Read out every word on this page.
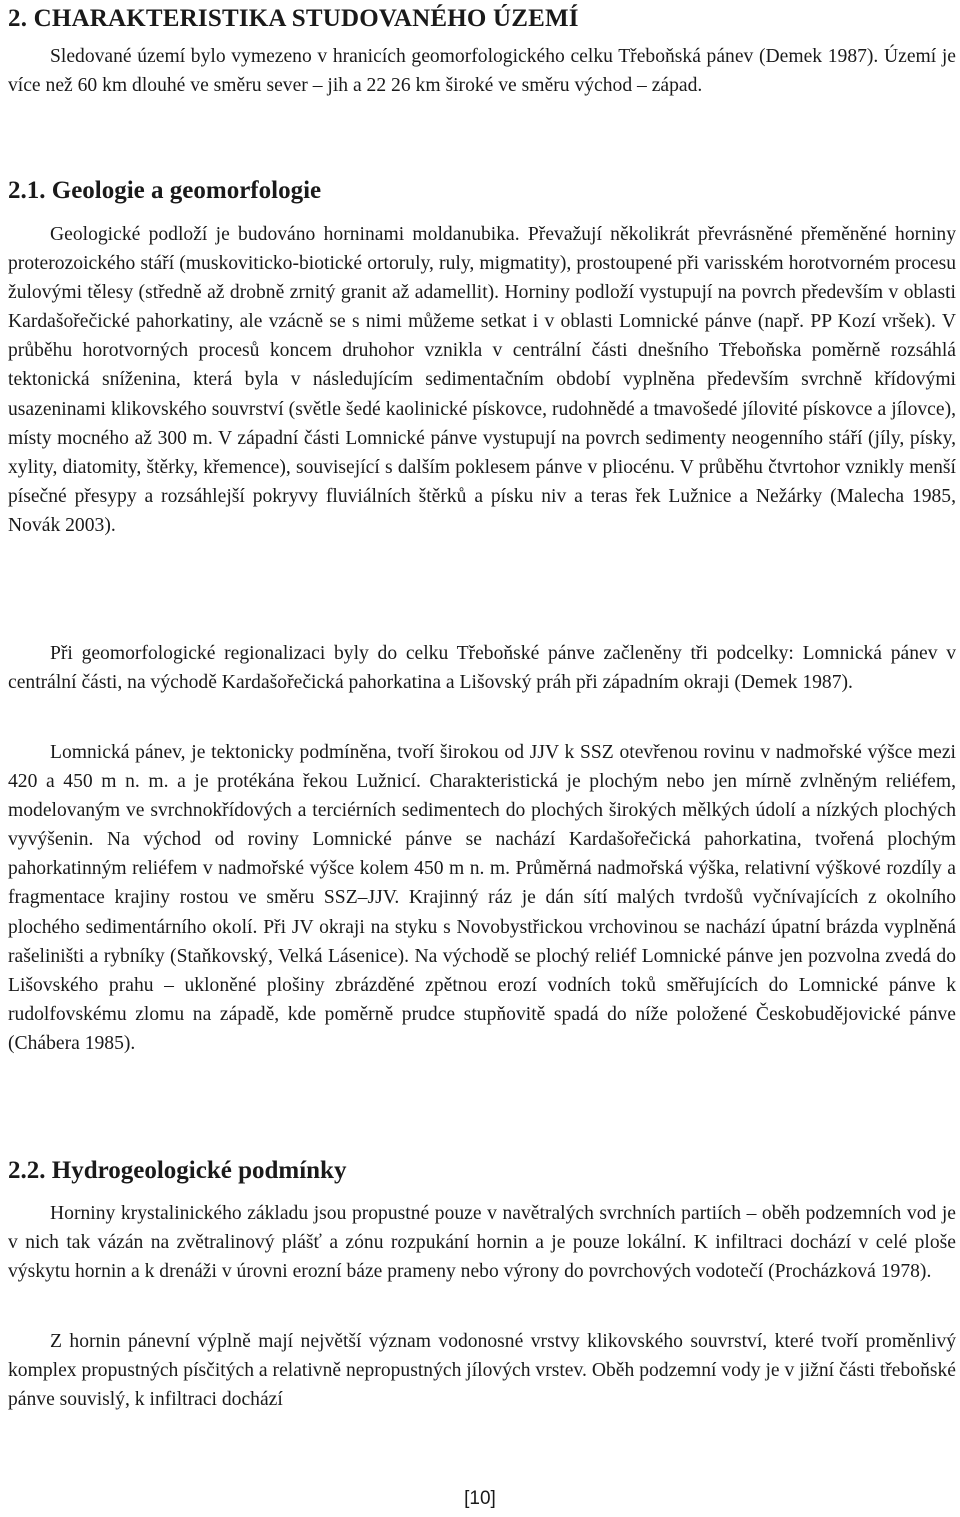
2. CHARAKTERISTIKA STUDOVANÉHO ÚZEMÍ

Sledované území bylo vymezeno v hranicích geomorfologického celku Třeboňská pánev (Demek 1987). Území je více než 60 km dlouhé ve směru sever – jih a 22 26 km široké ve směru východ – západ.

2.1. Geologie a geomorfologie

Geologické podloží je budováno horninami moldanubika. Převažují několikrát převrásněné přeměněné horniny proterozoického stáří (muskoviticko-biotické ortoruly, ruly, migmatity), prostoupené při varisském horotvorném procesu žulovými tělesy (středně až drobně zrnitý granit až adamellit). Horniny podloží vystupují na povrch především v oblasti Kardašořečické pahorkatiny, ale vzácně se s nimi můžeme setkat i v oblasti Lomnické pánve (např. PP Kozí vršek). V průběhu horotvorných procesů koncem druhohor vznikla v centrální části dnešního Třeboňska poměrně rozsáhlá tektonická sníženina, která byla v následujícím sedimentačním období vyplněna především svrchně křídovými usazeninami klikovského souvrství (světle šedé kaolinické pískovce, rudohnědé a tmavošedé jílovité pískovce a jílovce), místy mocného až 300 m. V západní části Lomnické pánve vystupují na povrch sedimenty neogenního stáří (jíly, písky, xylity, diatomity, štěrky, křemence), související s dalším poklesem pánve v pliocénu. V průběhu čtvrtohor vznikly menší písečné přesypy a rozsáhlejší pokryvy fluviálních štěrků a písku niv a teras řek Lužnice a Nežárky (Malecha 1985, Novák 2003).

Při geomorfologické regionalizaci byly do celku Třeboňské pánve začleněny tři podcelky: Lomnická pánev v centrální části, na východě Kardašořečická pahorkatina a Lišovský práh při západním okraji (Demek 1987).

Lomnická pánev, je tektonicky podmíněna, tvoří širokou od JJV k SSZ otevřenou rovinu v nadmořské výšce mezi 420 a 450 m n. m. a je protékána řekou Lužnicí. Charakteristická je plochým nebo jen mírně zvlněným reliéfem, modelovaným ve svrchnokřídových a terciérních sedimentech do plochých širokých mělkých údolí a nízkých plochých vyvýšenin. Na východ od roviny Lomnické pánve se nachází Kardašořečická pahorkatina, tvořená plochým pahorkatinným reliéfem v nadmořské výšce kolem 450 m n. m. Průměrná nadmořská výška, relativní výškové rozdíly a fragmentace krajiny rostou ve směru SSZ–JJV. Krajinný ráz je dán sítí malých tvrdošů vyčnívajících z okolního plochého sedimentárního okolí. Při JV okraji na styku s Novobystřickou vrchovinou se nachází úpatní brázda vyplněná rašeliništi a rybníky (Staňkovský, Velká Lásenice). Na východě se plochý reliéf Lomnické pánve jen pozvolna zvedá do Lišovského prahu – ukloněné plošiny zbrázděné zpětnou erozí vodních toků směřujících do Lomnické pánve k rudolfovskému zlomu na západě, kde poměrně prudce stupňovitě spadá do níže položené Českobudějovické pánve (Chábera 1985).

2.2. Hydrogeologické podmínky

Horniny krystalinického základu jsou propustné pouze v navětralých svrchních partiích – oběh podzemních vod je v nich tak vázán na zvětralinový plášť a zónu rozpukání hornin a je pouze lokální. K infiltraci dochází v celé ploše výskytu hornin a k drenáži v úrovni erozní báze prameny nebo výrony do povrchových vodotečí (Procházková 1978).

Z hornin pánevní výplně mají největší význam vodonosné vrstvy klikovského souvrství, které tvoří proměnlivý komplex propustných písčitých a relativně nepropustných jílových vrstev. Oběh podzemní vody je v jižní části třeboňské pánve souvislý, k infiltraci dochází

[10]
